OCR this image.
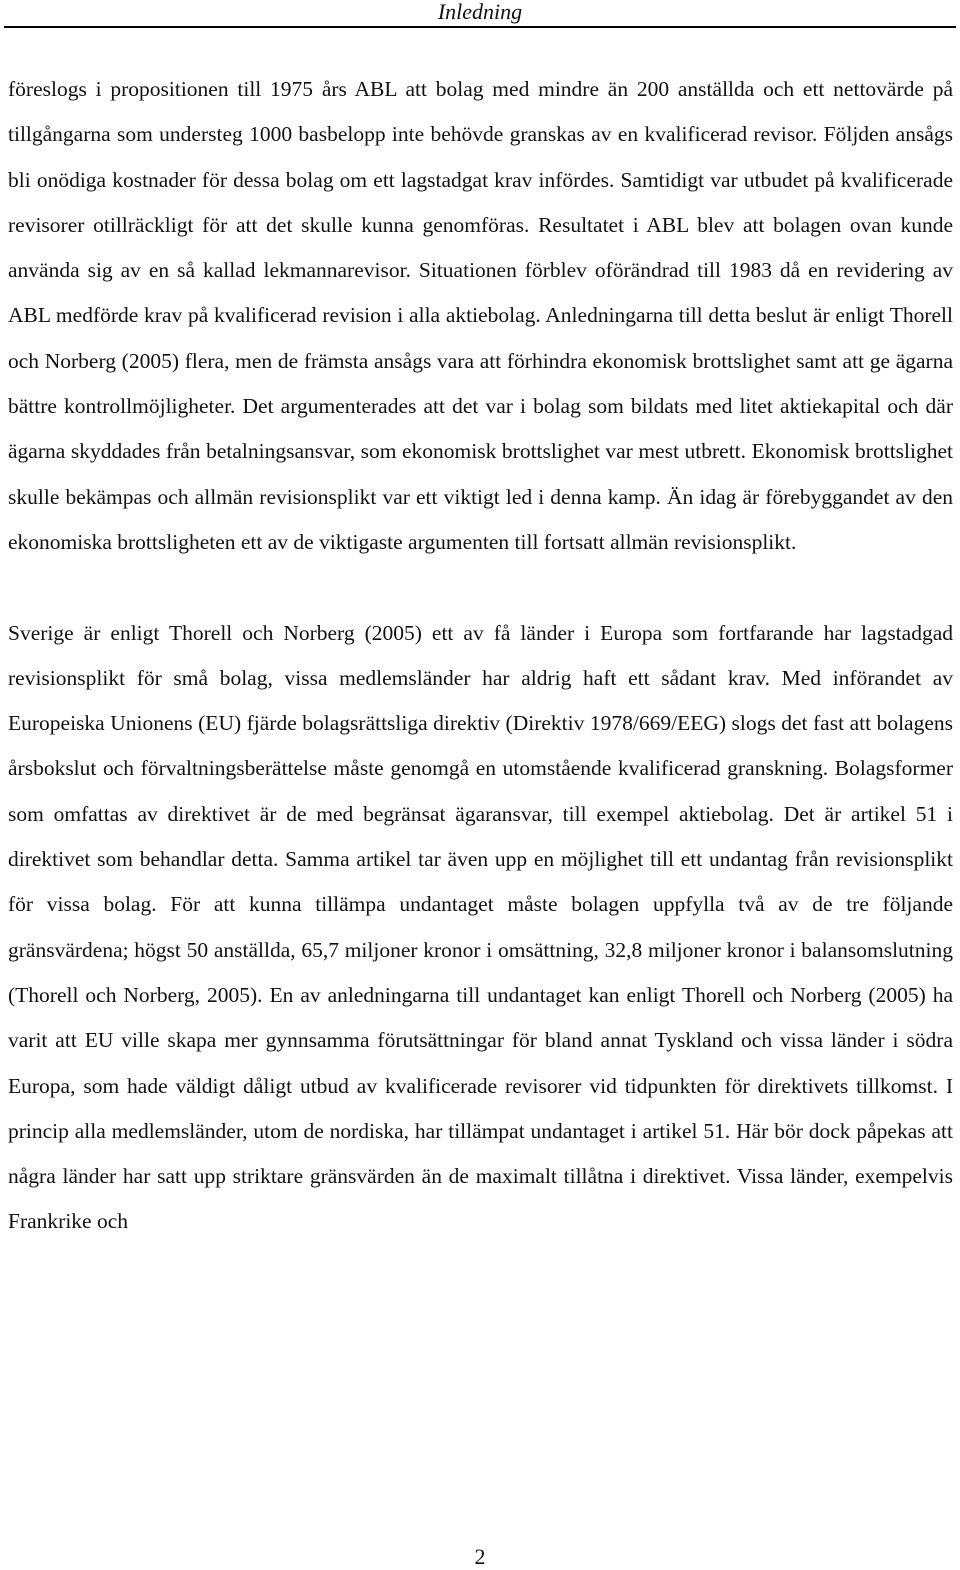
Inledning

föreslogs i propositionen till 1975 års ABL att bolag med mindre än 200 anställda och ett nettovärde på tillgångarna som understeg 1000 basbelopp inte behövde granskas av en kvalificerad revisor. Följden ansågs bli onödiga kostnader för dessa bolag om ett lagstadgat krav infördes. Samtidigt var utbudet på kvalificerade revisorer otillräckligt för att det skulle kunna genomföras. Resultatet i ABL blev att bolagen ovan kunde använda sig av en så kallad lekmannarevisor. Situationen förblev oförändrad till 1983 då en revidering av ABL medförde krav på kvalificerad revision i alla aktiebolag. Anledningarna till detta beslut är enligt Thorell och Norberg (2005) flera, men de främsta ansågs vara att förhindra ekonomisk brottslighet samt att ge ägarna bättre kontrollmöjligheter. Det argumenterades att det var i bolag som bildats med litet aktiekapital och där ägarna skyddades från betalningsansvar, som ekonomisk brottslighet var mest utbrett. Ekonomisk brottslighet skulle bekämpas och allmän revisionsplikt var ett viktigt led i denna kamp. Än idag är förebyggandet av den ekonomiska brottsligheten ett av de viktigaste argumenten till fortsatt allmän revisionsplikt.

Sverige är enligt Thorell och Norberg (2005) ett av få länder i Europa som fortfarande har lagstadgad revisionsplikt för små bolag, vissa medlemsländer har aldrig haft ett sådant krav. Med införandet av Europeiska Unionens (EU) fjärde bolagsrättsliga direktiv (Direktiv 1978/669/EEG) slogs det fast att bolagens årsbokslut och förvaltningsberättelse måste genomgå en utomstående kvalificerad granskning. Bolagsformer som omfattas av direktivet är de med begränsat ägaransvar, till exempel aktiebolag. Det är artikel 51 i direktivet som behandlar detta. Samma artikel tar även upp en möjlighet till ett undantag från revisionsplikt för vissa bolag. För att kunna tillämpa undantaget måste bolagen uppfylla två av de tre följande gränsvärdena; högst 50 anställda, 65,7 miljoner kronor i omsättning, 32,8 miljoner kronor i balansomslutning (Thorell och Norberg, 2005). En av anledningarna till undantaget kan enligt Thorell och Norberg (2005) ha varit att EU ville skapa mer gynnsamma förutsättningar för bland annat Tyskland och vissa länder i södra Europa, som hade väldigt dåligt utbud av kvalificerade revisorer vid tidpunkten för direktivets tillkomst. I princip alla medlemsländer, utom de nordiska, har tillämpat undantaget i artikel 51. Här bör dock påpekas att några länder har satt upp striktare gränsvärden än de maximalt tillåtna i direktivet. Vissa länder, exempelvis Frankrike och

2
